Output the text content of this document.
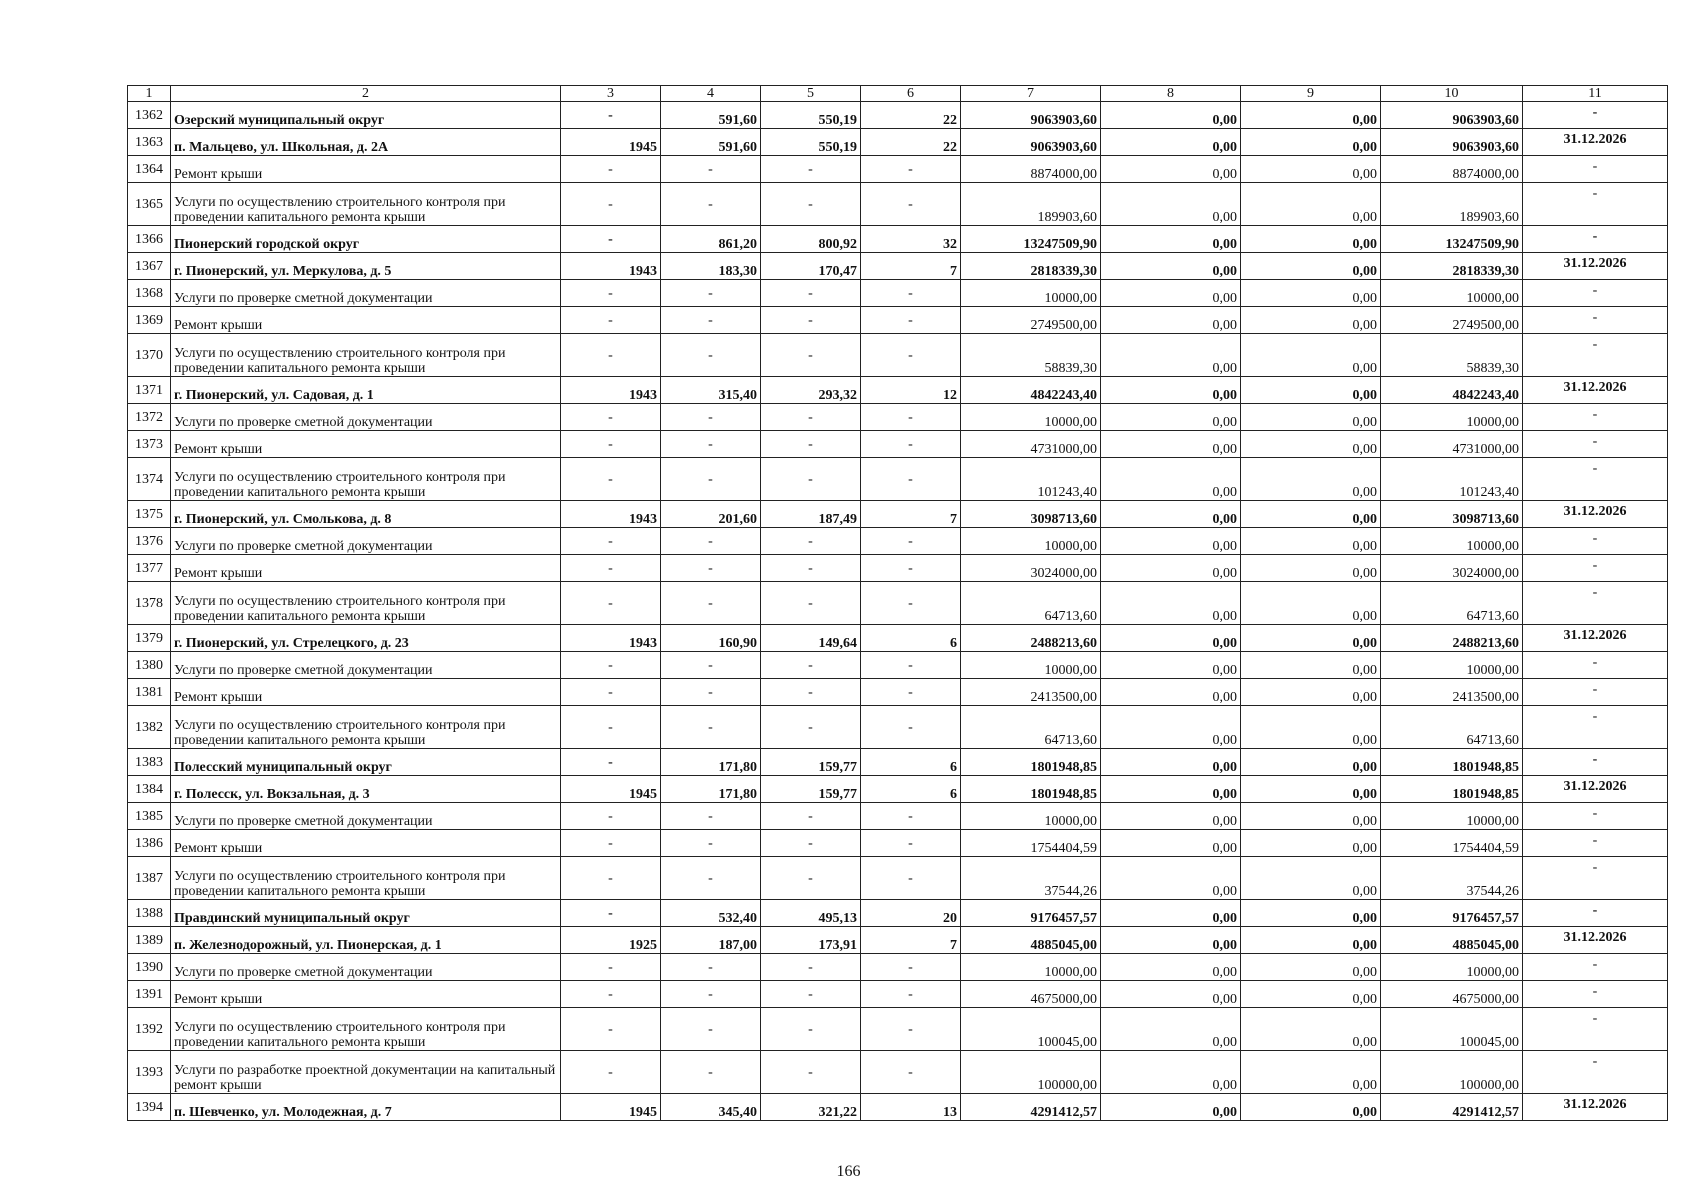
1	2	3	4	5	6	7	8	9	10	11
1362	Озерский муниципальный округ	-	591,60	550,19	22	9063903,60	0,00	0,00	9063903,60	-
1363	п. Мальцево, ул. Школьная, д. 2А	1945	591,60	550,19	22	9063903,60	0,00	0,00	9063903,60	31.12.2026
1364	Ремонт крыши	-	-	-	-	8874000,00	0,00	0,00	8874000,00	-
1365	Услуги по осуществлению строительного контроля при проведении капитального ремонта крыши	-	-	-	-	189903,60	0,00	0,00	189903,60	-
1366	Пионерский городской округ	-	861,20	800,92	32	13247509,90	0,00	0,00	13247509,90	-
1367	г. Пионерский, ул. Меркулова, д. 5	1943	183,30	170,47	7	2818339,30	0,00	0,00	2818339,30	31.12.2026
1368	Услуги по проверке сметной документации	-	-	-	-	10000,00	0,00	0,00	10000,00	-
1369	Ремонт крыши	-	-	-	-	2749500,00	0,00	0,00	2749500,00	-
1370	Услуги по осуществлению строительного контроля при проведении капитального ремонта крыши	-	-	-	-	58839,30	0,00	0,00	58839,30	-
1371	г. Пионерский, ул. Садовая, д. 1	1943	315,40	293,32	12	4842243,40	0,00	0,00	4842243,40	31.12.2026
1372	Услуги по проверке сметной документации	-	-	-	-	10000,00	0,00	0,00	10000,00	-
1373	Ремонт крыши	-	-	-	-	4731000,00	0,00	0,00	4731000,00	-
1374	Услуги по осуществлению строительного контроля при проведении капитального ремонта крыши	-	-	-	-	101243,40	0,00	0,00	101243,40	-
1375	г. Пионерский, ул. Смолькова, д. 8	1943	201,60	187,49	7	3098713,60	0,00	0,00	3098713,60	31.12.2026
1376	Услуги по проверке сметной документации	-	-	-	-	10000,00	0,00	0,00	10000,00	-
1377	Ремонт крыши	-	-	-	-	3024000,00	0,00	0,00	3024000,00	-
1378	Услуги по осуществлению строительного контроля при проведении капитального ремонта крыши	-	-	-	-	64713,60	0,00	0,00	64713,60	-
1379	г. Пионерский, ул. Стрелецкого, д. 23	1943	160,90	149,64	6	2488213,60	0,00	0,00	2488213,60	31.12.2026
1380	Услуги по проверке сметной документации	-	-	-	-	10000,00	0,00	0,00	10000,00	-
1381	Ремонт крыши	-	-	-	-	2413500,00	0,00	0,00	2413500,00	-
1382	Услуги по осуществлению строительного контроля при проведении капитального ремонта крыши	-	-	-	-	64713,60	0,00	0,00	64713,60	-
1383	Полесский муниципальный округ	-	171,80	159,77	6	1801948,85	0,00	0,00	1801948,85	-
1384	г. Полесск, ул. Вокзальная, д. 3	1945	171,80	159,77	6	1801948,85	0,00	0,00	1801948,85	31.12.2026
1385	Услуги по проверке сметной документации	-	-	-	-	10000,00	0,00	0,00	10000,00	-
1386	Ремонт крыши	-	-	-	-	1754404,59	0,00	0,00	1754404,59	-
1387	Услуги по осуществлению строительного контроля при проведении капитального ремонта крыши	-	-	-	-	37544,26	0,00	0,00	37544,26	-
1388	Правдинский муниципальный округ	-	532,40	495,13	20	9176457,57	0,00	0,00	9176457,57	-
1389	п. Железнодорожный, ул. Пионерская, д. 1	1925	187,00	173,91	7	4885045,00	0,00	0,00	4885045,00	31.12.2026
1390	Услуги по проверке сметной документации	-	-	-	-	10000,00	0,00	0,00	10000,00	-
1391	Ремонт крыши	-	-	-	-	4675000,00	0,00	0,00	4675000,00	-
1392	Услуги по осуществлению строительного контроля при проведении капитального ремонта крыши	-	-	-	-	100045,00	0,00	0,00	100045,00	-
1393	Услуги по разработке проектной документации на капитальный ремонт крыши	-	-	-	-	100000,00	0,00	0,00	100000,00	-
1394	п. Шевченко, ул. Молодежная, д. 7	1945	345,40	321,22	13	4291412,57	0,00	0,00	4291412,57	31.12.2026
166
